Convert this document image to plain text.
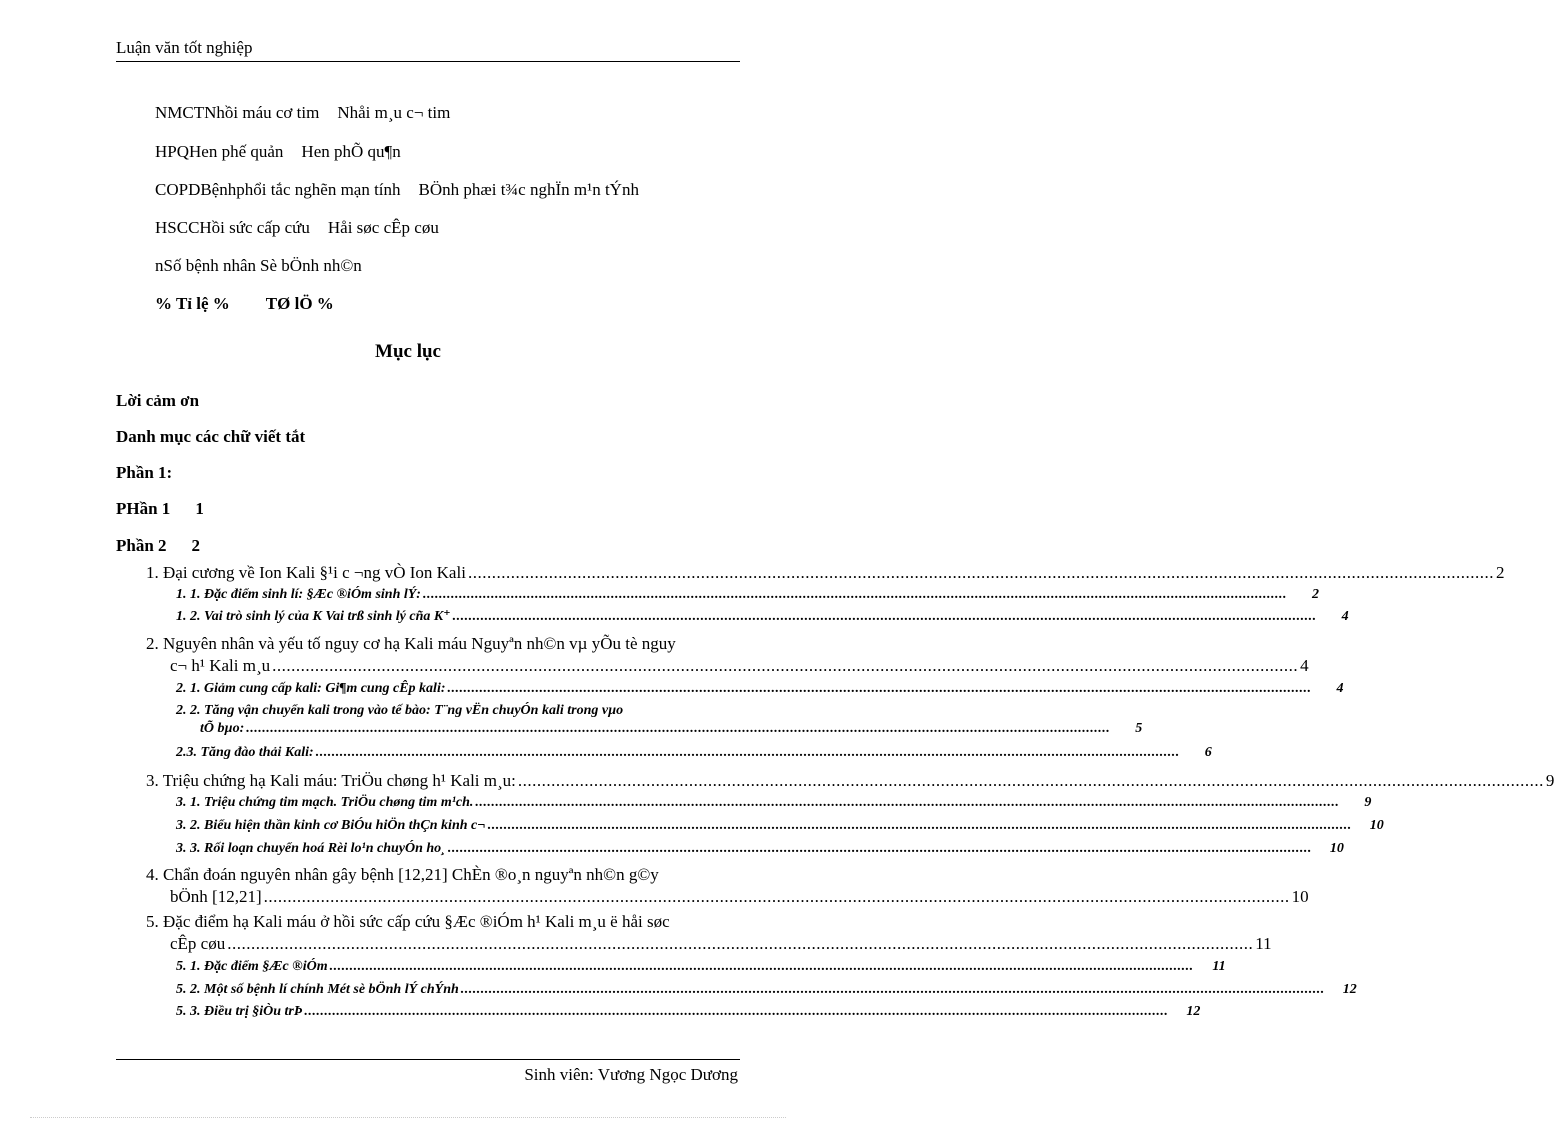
Luận văn tốt nghiệp
NMCTNhồi máu cơ tim Nhåi m¸u c¬ tim
HPQHen phế quản Hen phÕ qu¶n
COPDBệnhphổi tắc nghẽn mạn tính BÖnh phæi t¾c nghÏn m¹n tÝnh
HSCCHồi sức cấp cứu Håi søc cÊp cøu
nSố bệnh nhân Sè bÖnh nh©n
% Tỉ lệ % TØ lÖ %
Mục lục
Lời cảm ơn
Danh mục các chữ viết tắt
Phần 1:
PHần 1 1
Phần 2 2
1. Đại cương về Ion Kali §¹i c ¬ng vÒ Ion Kali ........................................................................................................................................................................................................................ 2
1. 1. Đặc điểm sinh lí: §Æc ®iÓm sinh lÝ: ........................................................................................................................................................................................................................	2
1. 2. Vai trò sinh lý của K Vai trß sinh lý cña K⁺ ........................................................................................................................................................................................................................	4
2. Nguyên nhân và yếu tố nguy cơ hạ Kali máu Nguyªn nh©n vµ yÕu tè nguy
c¬ h¹ Kali m¸u ........................................................................................................................................................................................................................ 4
2. 1. Giảm cung cấp kali: Gi¶m cung cÊp kali: ........................................................................................................................................................................................................................	4
2. 2. Tăng vận chuyển kali trong vào tế bào: T¨ng vËn chuyÓn kali trong vµo
tÕ bµo: ........................................................................................................................................................................................................................	5
2.3. Tăng đào thải Kali: ........................................................................................................................................................................................................................	6
3. Triệu chứng hạ Kali máu: TriÖu chøng h¹ Kali m¸u: ........................................................................................................................................................................................................................ 9
3. 1. Triệu chứng tim mạch. TriÖu chøng tim m¹ch. ........................................................................................................................................................................................................................	9
3. 2. Biểu hiện thần kinh cơ BiÓu hiÖn thÇn kinh c¬ ........................................................................................................................................................................................................................	10
3. 3. Rối loạn chuyển hoá Rèi lo¹n chuyÓn ho¸ ........................................................................................................................................................................................................................	10
4. Chẩn đoán nguyên nhân gây bệnh [12,21] ChÈn ®o¸n nguyªn nh©n g©y
bÖnh [12,21] ........................................................................................................................................................................................................................ 10
5. Đặc điểm hạ Kali máu ở hồi sức cấp cứu §Æc ®iÓm h¹ Kali m¸u ë håi søc
cÊp cøu ........................................................................................................................................................................................................................ 11
5. 1. Đặc điểm §Æc ®iÓm ........................................................................................................................................................................................................................	11
5. 2. Một số bệnh lí chính Mét sè bÖnh lÝ chÝnh ........................................................................................................................................................................................................................	12
5. 3. Điều trị §iÒu trÞ ........................................................................................................................................................................................................................	12
Sinh viên: Vương Ngọc Dương
